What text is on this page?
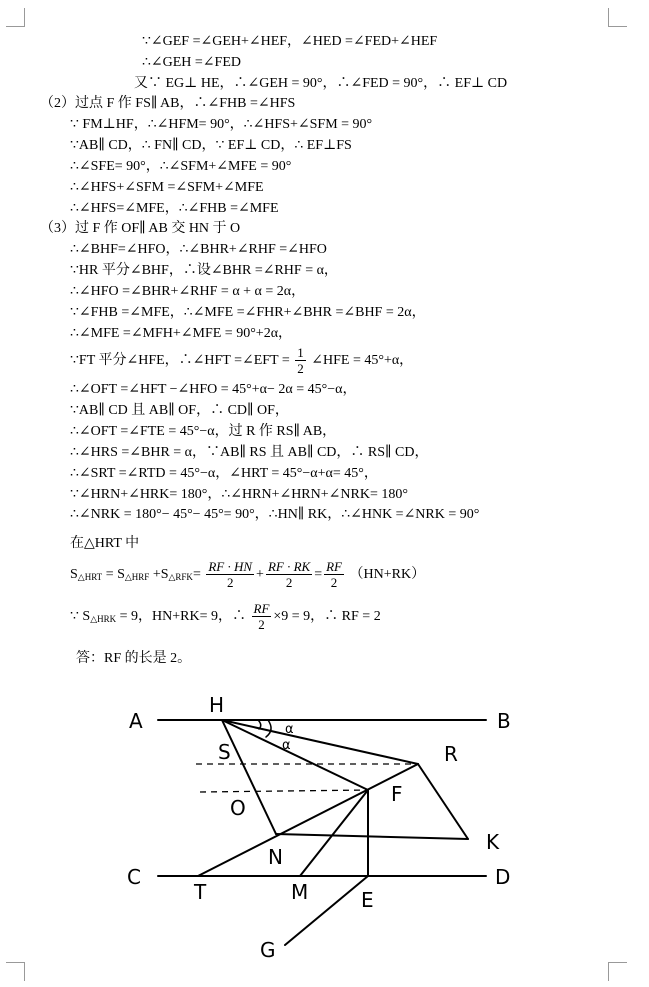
∵∠GEF =∠GEH+∠HEF，∠HED =∠FED+∠HEF
∴∠GEH =∠FED
又∵ EG⊥ HE，∴∠GEH = 90°，∴∠FED = 90°，∴ EF⊥ CD
（2）过点 F 作 FS∥ AB，∴∠FHB =∠HFS
∵ FM⊥HF，∴∠HFM= 90°，∴∠HFS+∠SFM = 90°
∵AB∥ CD，∴ FN∥ CD，∵ EF⊥ CD，∴ EF⊥FS
∴∠SFE= 90°，∴∠SFM+∠MFE = 90°
∴∠HFS+∠SFM =∠SFM+∠MFE
∴∠HFS=∠MFE，∴∠FHB =∠MFE
（3）过 F 作 OF∥ AB 交 HN 于 O
∴∠BHF=∠HFO，∴∠BHR+∠RHF =∠HFO
∵HR 平分∠BHF，∴设∠BHR =∠RHF = α，
∴∠HFO =∠BHR+∠RHF = α + α = 2α，
∵∠FHB =∠MFE，∴∠MFE =∠FHR+∠BHR =∠BHF = 2α，
∴∠MFE =∠MFH+∠MFE = 90°+2α，
∵FT 平分∠HFE，∴∠HFT =∠EFT = $\frac{1}{2}$ ∠HFE = 45°+α，
∴∠OFT =∠HFT −∠HFO = 45°+α− 2α = 45°−α，
∵AB∥ CD 且 AB∥ OF，∴ CD∥ OF，
∴∠OFT =∠FTE = 45°−α，过 R 作 RS∥ AB，
∴∠HRS =∠BHR = α，∵AB∥ RS 且 AB∥ CD，∴ RS∥ CD，
∴∠SRT =∠RTD = 45°−α，∠HRT = 45°−α+α= 45°，
∵∠HRN+∠HRK= 180°，∴∠HRN+∠HRN+∠NRK= 180°
∴∠NRK = 180°− 45°− 45°= 90°，∴HN∥ RK，∴∠HNK =∠NRK = 90°
在△HRT 中
$S_{\triangle HRT} = S_{\triangle HRF} +S_{\triangle RFK}= \frac{RF \cdot HN}{2} + \frac{RF \cdot RK}{2} = \frac{RF}{2} (HN+RK)$
∵ $S_{\triangle HRK} = 9$，HN+RK= 9，∴ $\frac{RF}{2} \times 9 = 9$，∴ RF = 2
答：RF 的长是 2。
A	B
C	D
H
S	R
O
F
K
N
T	M	E
G
α
α
